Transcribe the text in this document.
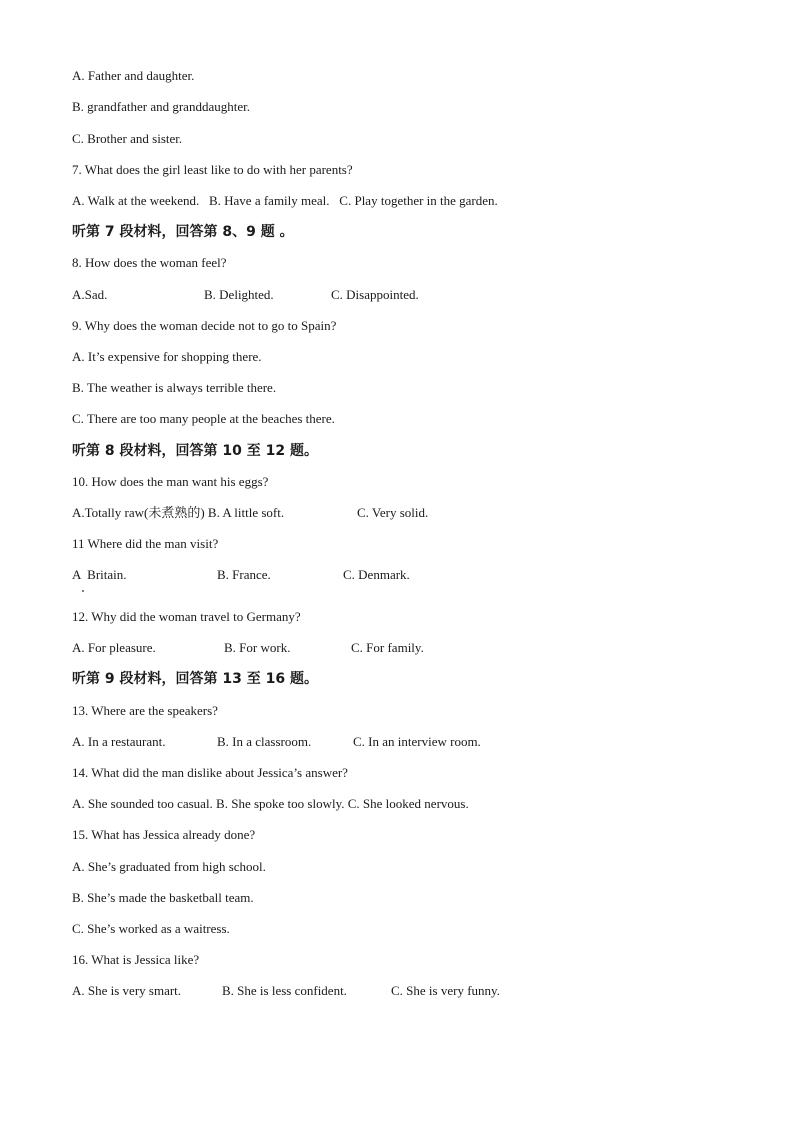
A. Father and daughter.
B. grandfather and granddaughter.
C. Brother and sister.
7. What does the girl least like to do with her parents?
A. Walk at the weekend.   B. Have a family meal.   C. Play together in the garden.
听第 7 段材料，回答第 8、9 题 。
8. How does the woman feel?

A.Sad.

	B. Delighted.

	C. Disappointed.

9. Why does the woman decide not to go to Spain?
A. It’s expensive for shopping there.
B. The weather is always terrible there.
C. There are too many people at the beaches there.
听第 8 段材料，回答第 10 至 12 题。
10. How does the man want his eggs?

A.Totally raw(未煮熟的) B. A little soft.

	C. Very solid.

11 Where did the man visit?

A  Britain.

	B. France.

	C. Denmark.

12. Why did the woman travel to Germany?

A. For pleasure.

	B. For work.

	C. For family.

听第 9 段材料，回答第 13 至 16 题。
13. Where are the speakers?

A. In a restaurant.

	B. In a classroom.

	C. In an interview room.

14. What did the man dislike about Jessica’s answer?
A. She sounded too casual. B. She spoke too slowly. C. She looked nervous.
15. What has Jessica already done?
A. She’s graduated from high school.
B. She’s made the basketball team.
C. She’s worked as a waitress.
16. What is Jessica like?

A. She is very smart.

	B. She is less confident.

	C. She is very funny.
